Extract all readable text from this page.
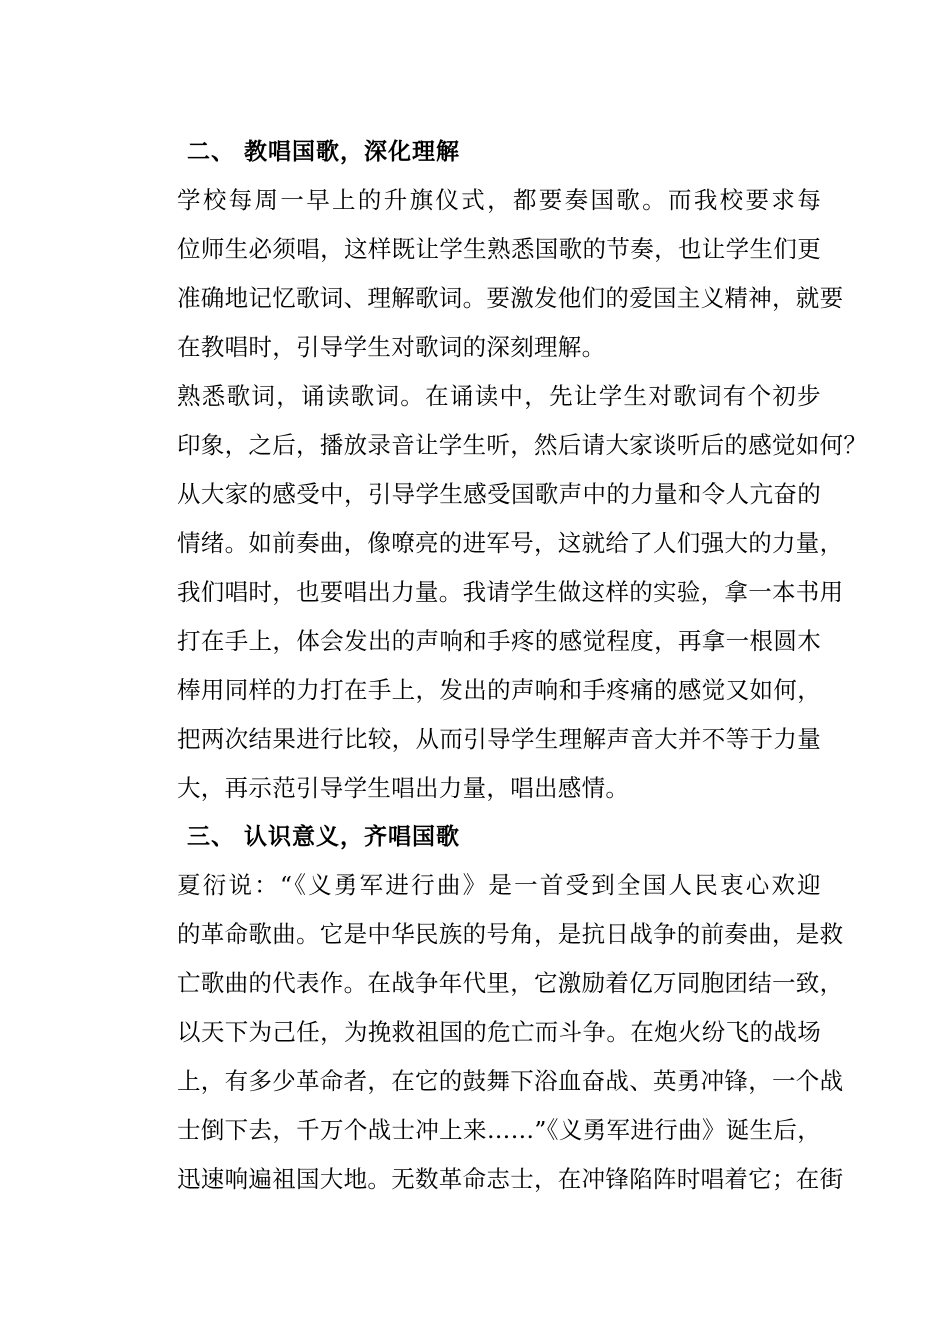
二、 教唱国歌，深化理解
学校每周一早上的升旗仪式，都要奏国歌。而我校要求每
位师生必须唱，这样既让学生熟悉国歌的节奏，也让学生们更
准确地记忆歌词、理解歌词。要激发他们的爱国主义精神，就要
在教唱时，引导学生对歌词的深刻理解。
熟悉歌词，诵读歌词。在诵读中，先让学生对歌词有个初步
印象，之后，播放录音让学生听，然后请大家谈听后的感觉如何？
从大家的感受中，引导学生感受国歌声中的力量和令人亢奋的
情绪。如前奏曲，像嘹亮的进军号，这就给了人们强大的力量，
我们唱时，也要唱出力量。我请学生做这样的实验，拿一本书用
打在手上，体会发出的声响和手疼的感觉程度，再拿一根圆木
棒用同样的力打在手上，发出的声响和手疼痛的感觉又如何，
把两次结果进行比较，从而引导学生理解声音大并不等于力量
大，再示范引导学生唱出力量，唱出感情。
三、 认识意义，齐唱国歌
夏衍说：“《义勇军进行曲》是一首受到全国人民衷心欢迎
的革命歌曲。它是中华民族的号角，是抗日战争的前奏曲，是救
亡歌曲的代表作。在战争年代里，它激励着亿万同胞团结一致，
以天下为己任，为挽救祖国的危亡而斗争。在炮火纷飞的战场
上，有多少革命者，在它的鼓舞下浴血奋战、英勇冲锋，一个战
士倒下去，千万个战士冲上来……”《义勇军进行曲》诞生后，
迅速响遍祖国大地。无数革命志士，在冲锋陷阵时唱着它；在街
